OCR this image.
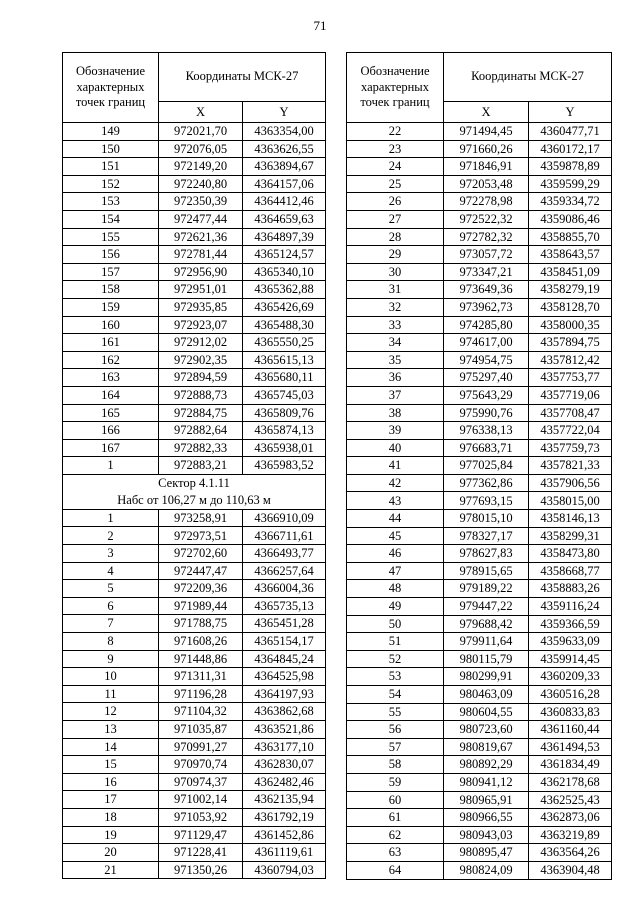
71
Обозначение характерных точек границ	Координаты МСК-27	
	X	Y
149	972021,70	4363354,00
150	972076,05	4363626,55
151	972149,20	4363894,67
152	972240,80	4364157,06
153	972350,39	4364412,46
154	972477,44	4364659,63
155	972621,36	4364897,39
156	972781,44	4365124,57
157	972956,90	4365340,10
158	972951,01	4365362,88
159	972935,85	4365426,69
160	972923,07	4365488,30
161	972912,02	4365550,25
162	972902,35	4365615,13
163	972894,59	4365680,11
164	972888,73	4365745,03
165	972884,75	4365809,76
166	972882,64	4365874,13
167	972882,33	4365938,01
1	972883,21	4365983,52
Сектор 4.1.11
Набс от 106,27 м до 110,63 м		
1	973258,91	4366910,09
2	972973,51	4366711,61
3	972702,60	4366493,77
4	972447,47	4366257,64
5	972209,36	4366004,36
6	971989,44	4365735,13
7	971788,75	4365451,28
8	971608,26	4365154,17
9	971448,86	4364845,24
10	971311,31	4364525,98
11	971196,28	4364197,93
12	971104,32	4363862,68
13	971035,87	4363521,86
14	970991,27	4363177,10
15	970970,74	4362830,07
16	970974,37	4362482,46
17	971002,14	4362135,94
18	971053,92	4361792,19
19	971129,47	4361452,86
20	971228,41	4361119,61
21	971350,26	4360794,03
Обозначение характерных точек границ	Координаты МСК-27	
	X	Y
22	971494,45	4360477,71
23	971660,26	4360172,17
24	971846,91	4359878,89
25	972053,48	4359599,29
26	972278,98	4359334,72
27	972522,32	4359086,46
28	972782,32	4358855,70
29	973057,72	4358643,57
30	973347,21	4358451,09
31	973649,36	4358279,19
32	973962,73	4358128,70
33	974285,80	4358000,35
34	974617,00	4357894,75
35	974954,75	4357812,42
36	975297,40	4357753,77
37	975643,29	4357719,06
38	975990,76	4357708,47
39	976338,13	4357722,04
40	976683,71	4357759,73
41	977025,84	4357821,33
42	977362,86	4357906,56
43	977693,15	4358015,00
44	978015,10	4358146,13
45	978327,17	4358299,31
46	978627,83	4358473,80
47	978915,65	4358668,77
48	979189,22	4358883,26
49	979447,22	4359116,24
50	979688,42	4359366,59
51	979911,64	4359633,09
52	980115,79	4359914,45
53	980299,91	4360209,33
54	980463,09	4360516,28
55	980604,55	4360833,83
56	980723,60	4361160,44
57	980819,67	4361494,53
58	980892,29	4361834,49
59	980941,12	4362178,68
60	980965,91	4362525,43
61	980966,55	4362873,06
62	980943,03	4363219,89
63	980895,47	4363564,26
64	980824,09	4363904,48
